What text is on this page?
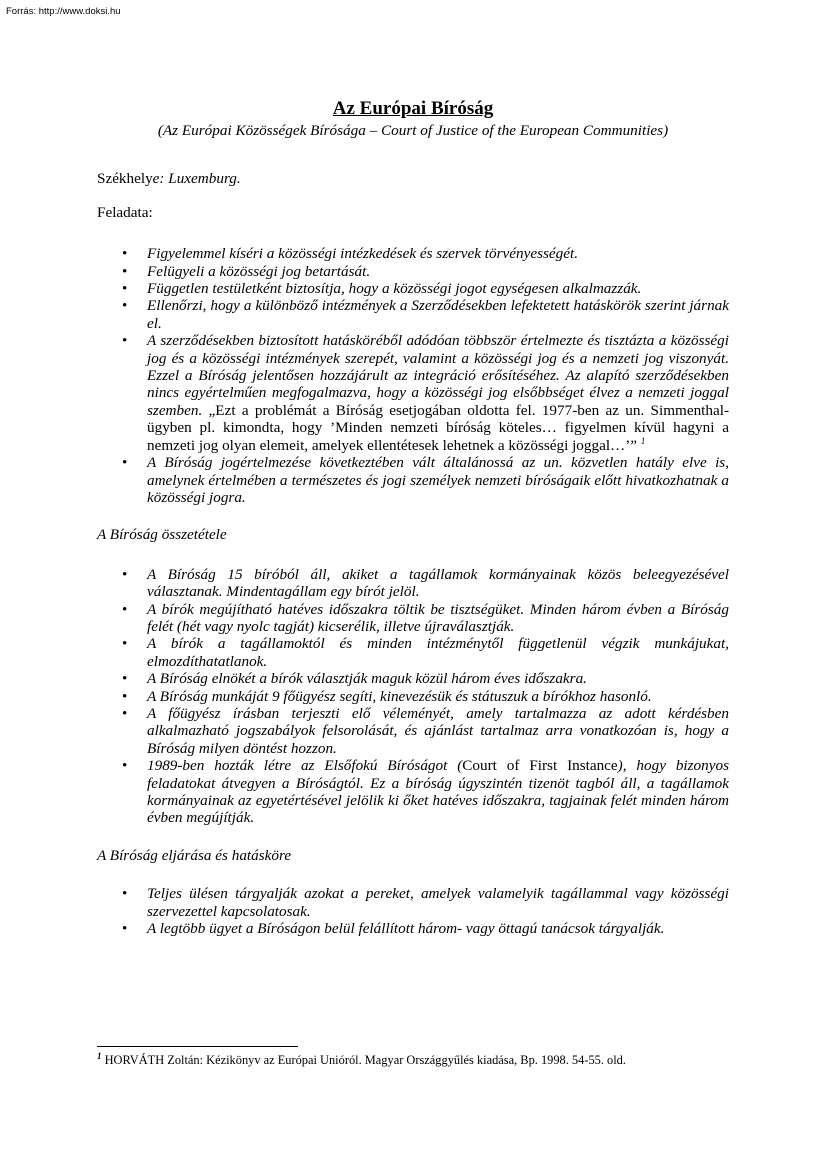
Forrás: http://www.doksi.hu
Az Európai Bíróság

(Az Európai Közösségek Bírósága – Court of Justice of the European Communities)

Székhelye: Luxemburg.

Feladata:

• Figyelemmel kíséri a közösségi intézkedések és szervek törvényességét.
• Felügyeli a közösségi jog betartását.
• Független testületként biztosítja, hogy a közösségi jogot egységesen alkalmazzák.
• Ellenőrzi, hogy a különböző intézmények a Szerződésekben lefektetett hatáskörök szerint járnak el.
• A szerződésekben biztosított hatásköréből adódóan többször értelmezte és tisztázta a közösségi jog és a közösségi intézmények szerepét, valamint a közösségi jog és a nemzeti jog viszonyát. Ezzel a Bíróság jelentősen hozzájárult az integráció erősítéséhez. Az alapító szerződésekben nincs egyértelműen megfogalmazva, hogy a közösségi jog elsőbbséget élvez a nemzeti joggal szemben. „Ezt a problémát a Bíróság esetjogában oldotta fel. 1977-ben az un. Simmenthal-ügyben pl. kimondta, hogy ’Minden nemzeti bíróság köteles… figyelmen kívül hagyni a nemzeti jog olyan elemeit, amelyek ellentétesek lehetnek a közösségi joggal…’” $^1$
• A Bíróság jogértelmezése következtében vált általánossá az un. közvetlen hatály elve is, amelynek értelmében a természetes és jogi személyek nemzeti bíróságaik előtt hivatkozhatnak a közösségi jogra.

A Bíróság összetétele

• A Bíróság 15 bíróból áll, akiket a tagállamok kormányainak közös beleegyezésével választanak. Mindentagállam egy bírót jelöl.
• A bírók megújítható hatéves időszakra töltik be tisztségüket. Minden három évben a Bíróság felét (hét vagy nyolc tagját) kicserélik, illetve újraválasztják.
• A bírók a tagállamoktól és minden intézménytől függetlenül végzik munkájukat, elmozdíthatatlanok.
• A Bíróság elnökét a bírók választják maguk közül három éves időszakra.
• A Bíróság munkáját 9 főügyész segíti, kinevezésük és státuszuk a bírókhoz hasonló.
• A főügyész írásban terjeszti elő véleményét, amely tartalmazza az adott kérdésben alkalmazható jogszabályok felsorolását, és ajánlást tartalmaz arra vonatkozóan is, hogy a Bíróság milyen döntést hozzon.
• 1989-ben hozták létre az Elsőfokú Bíróságot (Court of First Instance), hogy bizonyos feladatokat átvegyen a Bíróságtól. Ez a bíróság úgyszintén tizenöt tagból áll, a tagállamok kormányainak az egyetértésével jelölik ki őket hatéves időszakra, tagjainak felét minden három évben megújítják.

A Bíróság eljárása és hatásköre

• Teljes ülésen tárgyalják azokat a pereket, amelyek valamelyik tagállammal vagy közösségi szervezettel kapcsolatosak.
• A legtöbb ügyet a Bíróságon belül felállított három- vagy öttagú tanácsok tárgyalják.
$^1$ HORVÁTH Zoltán: Kézikönyv az Európai Unióról. Magyar Országgyűlés kiadása, Bp. 1998. 54-55. old.
